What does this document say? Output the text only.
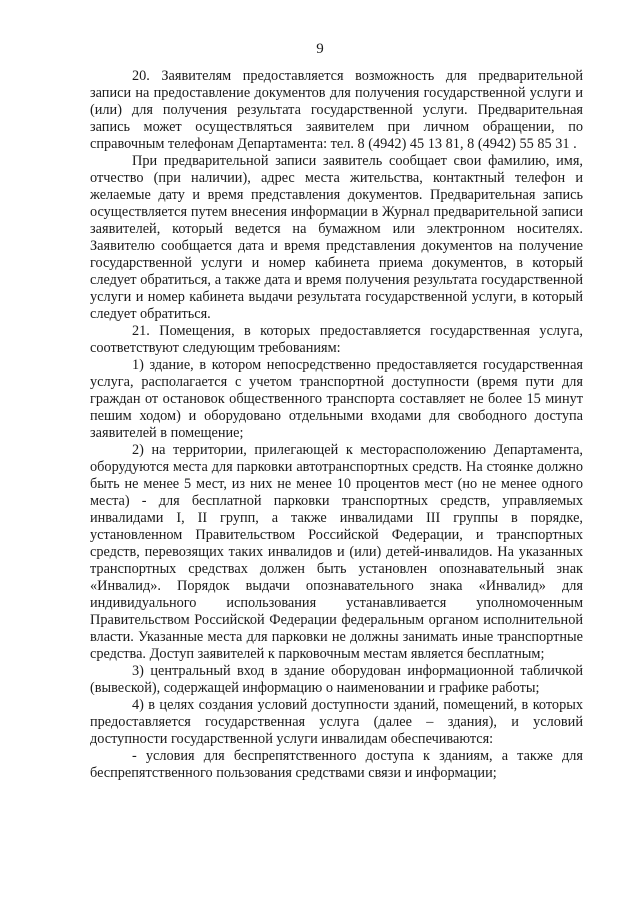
9

20. Заявителям предоставляется возможность для предварительной записи на предоставление документов для получения государственной услуги и (или) для получения результата государственной услуги. Предварительная запись может осуществляться заявителем при личном обращении, по справочным телефонам Департамента: тел. 8 (4942) 45 13 81, 8 (4942) 55 85 31 .

При предварительной записи заявитель сообщает свои фамилию, имя, отчество (при наличии), адрес места жительства, контактный телефон и желаемые дату и время представления документов. Предварительная запись осуществляется путем внесения информации в Журнал предварительной записи заявителей, который ведется на бумажном или электронном носителях. Заявителю сообщается дата и время представления документов на получение государственной услуги и номер кабинета приема документов, в который следует обратиться, а также дата и время получения результата государственной услуги и номер кабинета выдачи результата государственной услуги, в который следует обратиться.

21. Помещения, в которых предоставляется государственная услуга, соответствуют следующим требованиям:

1) здание, в котором непосредственно предоставляется государственная услуга, располагается с учетом транспортной доступности (время пути для граждан от остановок общественного транспорта составляет не более 15 минут пешим ходом) и оборудовано отдельными входами для свободного доступа заявителей в помещение;

2) на территории, прилегающей к месторасположению Департамента, оборудуются места для парковки автотранспортных средств. На стоянке должно быть не менее 5 мест, из них не менее 10 процентов мест (но не менее одного места) - для бесплатной парковки транспортных средств, управляемых инвалидами I, II групп, а также инвалидами III группы в порядке, установленном Правительством Российской Федерации, и транспортных средств, перевозящих таких инвалидов и (или) детей-инвалидов. На указанных транспортных средствах должен быть установлен опознавательный знак «Инвалид». Порядок выдачи опознавательного знака «Инвалид» для индивидуального использования устанавливается уполномоченным Правительством Российской Федерации федеральным органом исполнительной власти. Указанные места для парковки не должны занимать иные транспортные средства. Доступ заявителей к парковочным местам является бесплатным;

3) центральный вход в здание оборудован информационной табличкой (вывеской), содержащей информацию о наименовании и графике работы;

4) в целях создания условий доступности зданий, помещений, в которых предоставляется государственная услуга (далее – здания), и условий доступности государственной услуги инвалидам обеспечиваются:

- условия для беспрепятственного доступа к зданиям, а также для беспрепятственного пользования средствами связи и информации;
